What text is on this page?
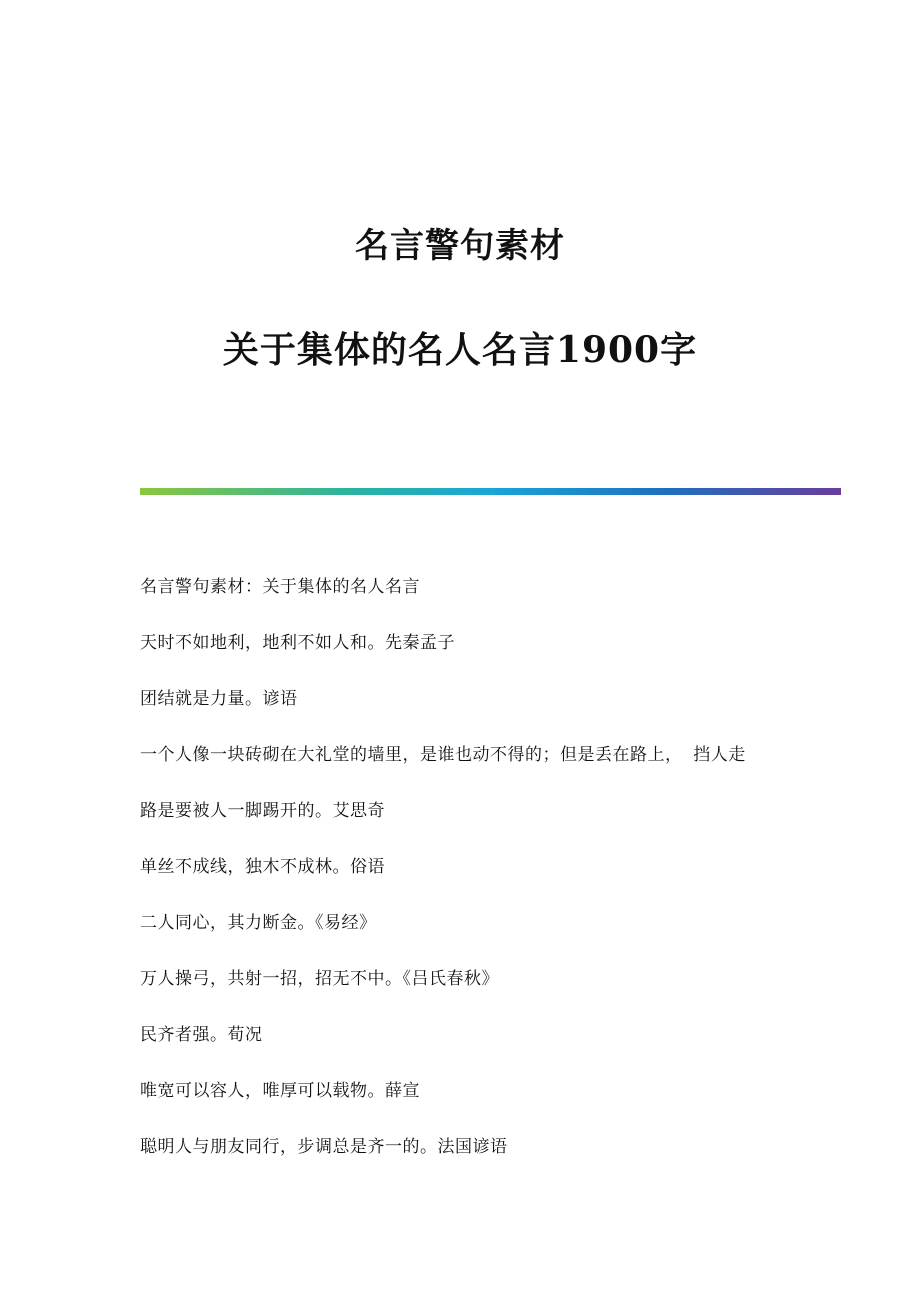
名言警句素材
关于集体的名人名言1900字
名言警句素材：关于集体的名人名言
天时不如地利，地利不如人和。先秦孟子
团结就是力量。谚语
一个人像一块砖砌在大礼堂的墙里，是谁也动不得的；但是丢在路上， 挡人走
路是要被人一脚踢开的。艾思奇
单丝不成线，独木不成林。俗语
二人同心，其力断金。《易经》
万人操弓，共射一招，招无不中。《吕氏春秋》
民齐者强。荀况
唯宽可以容人，唯厚可以载物。薛宣
聪明人与朋友同行，步调总是齐一的。法国谚语
